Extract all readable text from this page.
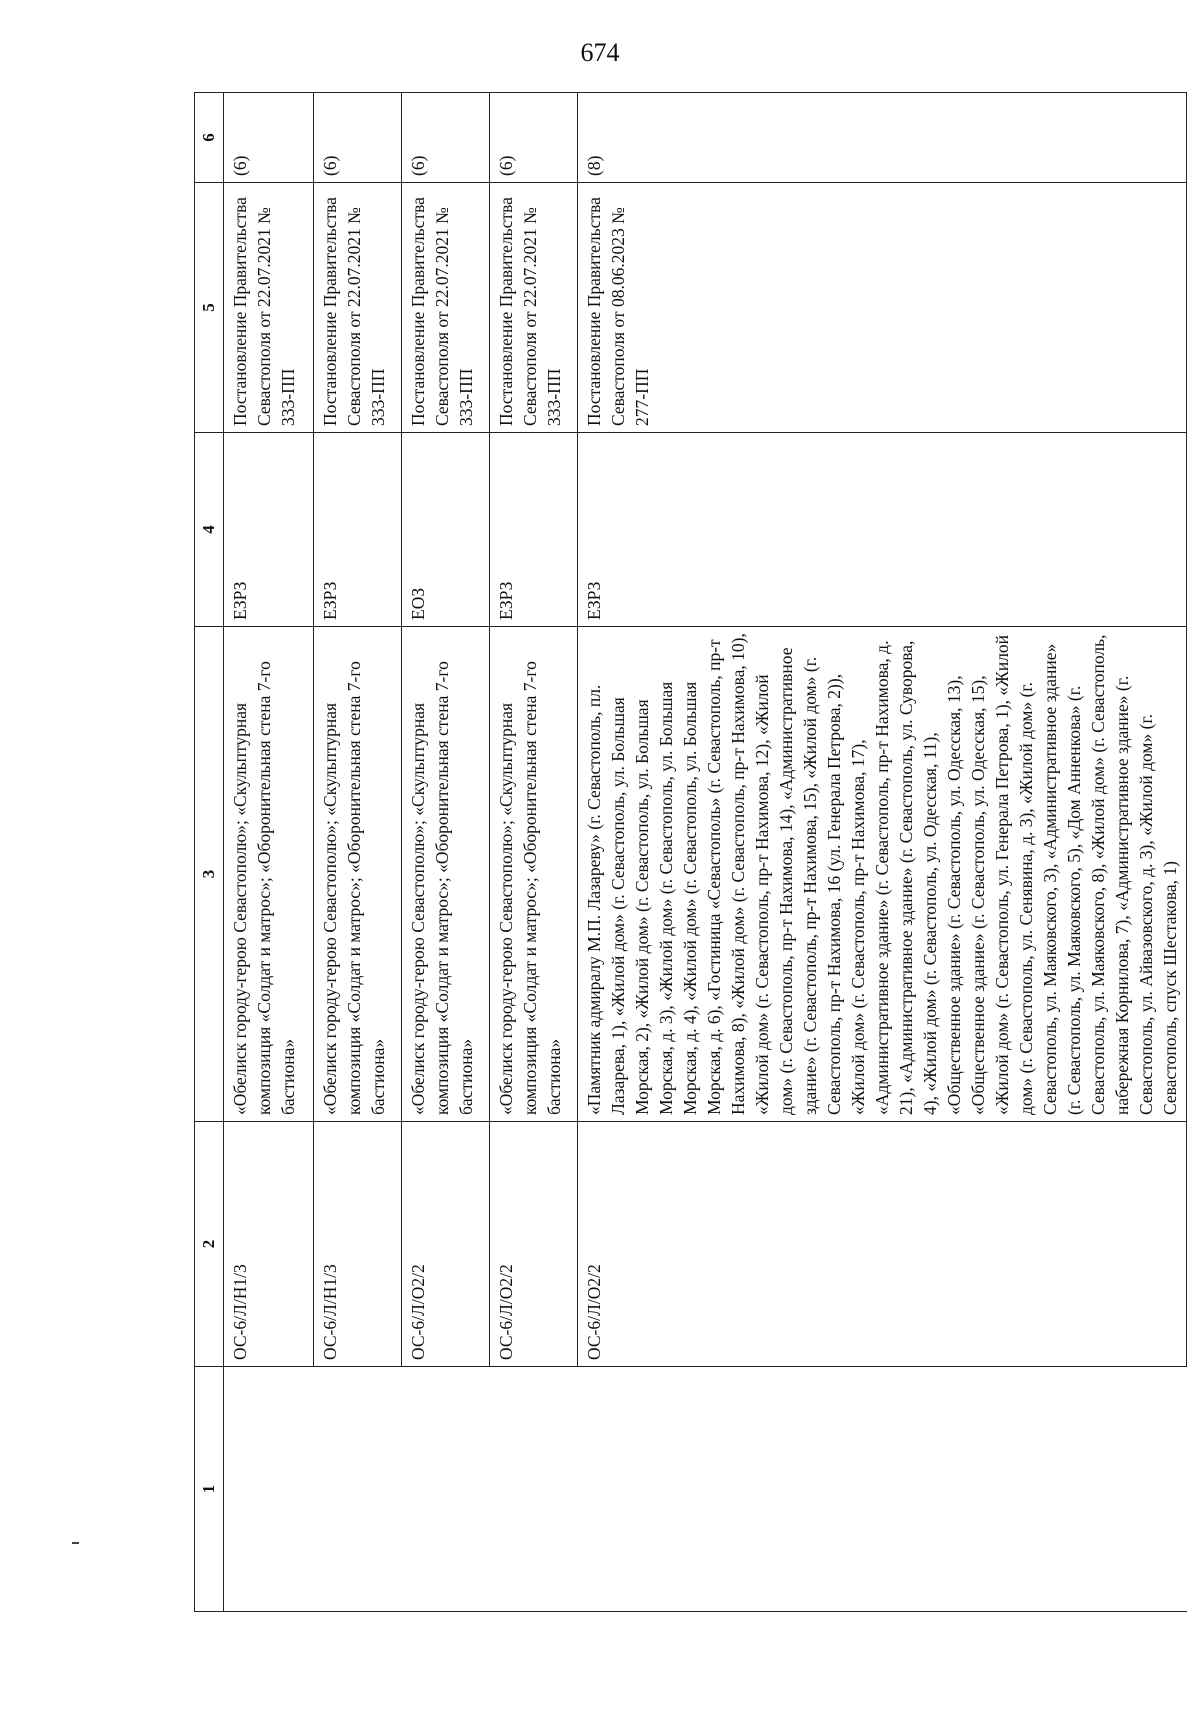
674
1	2	3	4	5	6
	ОС-6/Л/Н1/3	«Обелиск городу-герою Севастополю»; «Скульптурная композиция «Солдат и матрос»; «Оборонительная стена 7-го бастиона»	ЕЗРЗ	Постановление Правительства Севастополя от 22.07.2021 № 333-ПП	(6)
	ОС-6/Л/Н1/3	«Обелиск городу-герою Севастополю»; «Скульптурная композиция «Солдат и матрос»; «Оборонительная стена 7-го бастиона»	ЕЗРЗ	Постановление Правительства Севастополя от 22.07.2021 № 333-ПП	(6)
	ОС-6/Л/О2/2	«Обелиск городу-герою Севастополю»; «Скульптурная композиция «Солдат и матрос»; «Оборонительная стена 7-го бастиона»	ЕОЗ	Постановление Правительства Севастополя от 22.07.2021 № 333-ПП	(6)
	ОС-6/Л/О2/2	«Обелиск городу-герою Севастополю»; «Скульптурная композиция «Солдат и матрос»; «Оборонительная стена 7-го бастиона»	ЕЗРЗ	Постановление Правительства Севастополя от 22.07.2021 № 333-ПП	(6)
	ОС-6/Л/О2/2	«Памятник адмиралу М.П. Лазареву» (г. Севастополь, пл. Лазарева, 1), «Жилой дом» (г. Севастополь, ул. Большая Морская, 2), «Жилой дом» (г. Севастополь, ул. Большая Морская, д. 3), «Жилой дом» (г. Севастополь, ул. Большая Морская, д. 4), «Жилой дом» (г. Севастополь, ул. Большая Морская, д. 6), «Гостиница «Севастополь» (г. Севастополь, пр-т Нахимова, 8), «Жилой дом» (г. Севастополь, пр-т Нахимова, 10), «Жилой дом» (г. Севастополь, пр-т Нахимова, 12), «Жилой дом» (г. Севастополь, пр-т Нахимова, 14), «Административное здание» (г. Севастополь, пр-т Нахимова, 15), «Жилой дом» (г. Севастополь, пр-т Нахимова, 16 (ул. Генерала Петрова, 2)), «Жилой дом» (г. Севастополь, пр-т Нахимова, 17), «Административное здание» (г. Севастополь, пр-т Нахимова, д. 21), «Административное здание» (г. Севастополь, ул. Суворова, 4), «Жилой дом» (г. Севастополь, ул. Одесская, 11), «Общественное здание» (г. Севастополь, ул. Одесская, 13), «Общественное здание» (г. Севастополь, ул. Одесская, 15), «Жилой дом» (г. Севастополь, ул. Генерала Петрова, 1), «Жилой дом» (г. Севастополь, ул. Сенявина, д. 3), «Жилой дом» (г. Севастополь, ул. Маяковского, 3), «Административное здание» (г. Севастополь, ул. Маяковского, 5), «Дом Анненкова» (г. Севастополь, ул. Маяковского, 8), «Жилой дом» (г. Севастополь, набережная Корнилова, 7), «Административное здание» (г. Севастополь, ул. Айвазовского, д. 3), «Жилой дом» (г. Севастополь, спуск Шестакова, 1)	ЕЗРЗ	Постановление Правительства Севастополя от 08.06.2023 № 277-ПП	(8)
